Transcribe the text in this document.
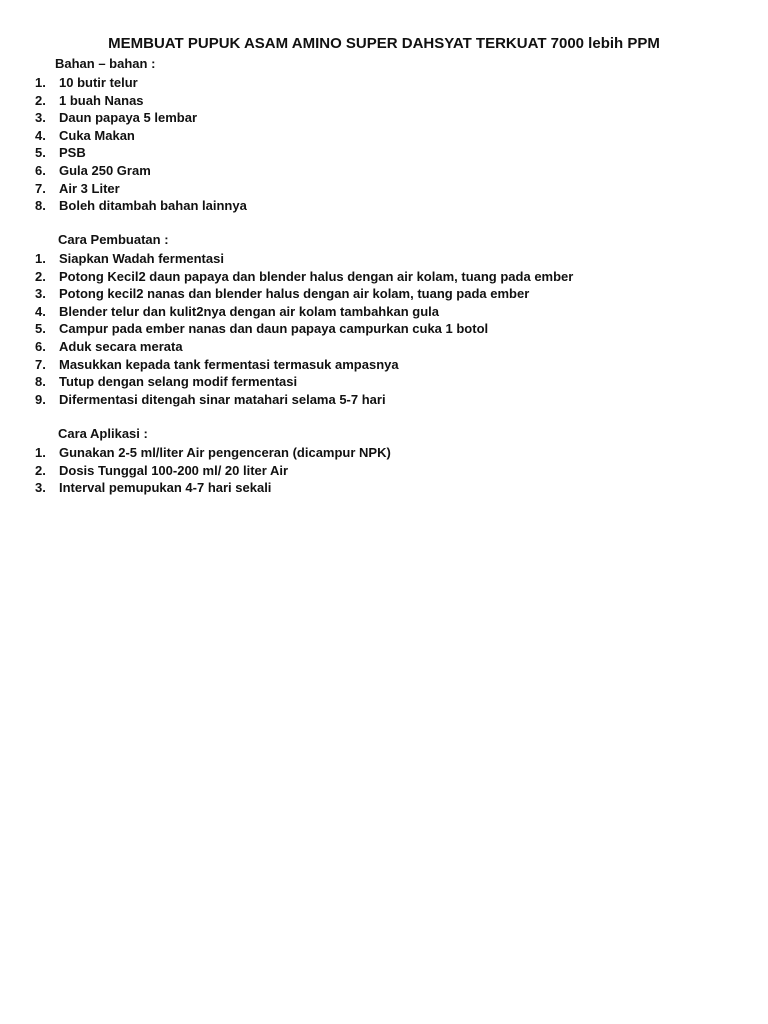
MEMBUAT PUPUK ASAM AMINO SUPER DAHSYAT TERKUAT 7000 lebih PPM
Bahan – bahan :
1. 10 butir telur
2. 1 buah Nanas
3. Daun papaya 5 lembar
4. Cuka Makan
5. PSB
6. Gula 250 Gram
7. Air 3 Liter
8. Boleh ditambah bahan lainnya
Cara Pembuatan :
1. Siapkan Wadah fermentasi
2. Potong Kecil2 daun papaya dan blender halus dengan air kolam, tuang pada ember
3. Potong kecil2 nanas dan blender halus dengan air kolam, tuang pada ember
4. Blender telur dan kulit2nya dengan air kolam tambahkan gula
5. Campur pada ember nanas dan daun papaya campurkan cuka 1 botol
6. Aduk secara merata
7. Masukkan kepada tank fermentasi termasuk ampasnya
8. Tutup dengan selang modif fermentasi
9. Difermentasi ditengah sinar matahari selama 5-7 hari
Cara Aplikasi :
1. Gunakan 2-5 ml/liter Air pengenceran (dicampur NPK)
2. Dosis Tunggal 100-200 ml/ 20 liter Air
3. Interval pemupukan 4-7 hari sekali
